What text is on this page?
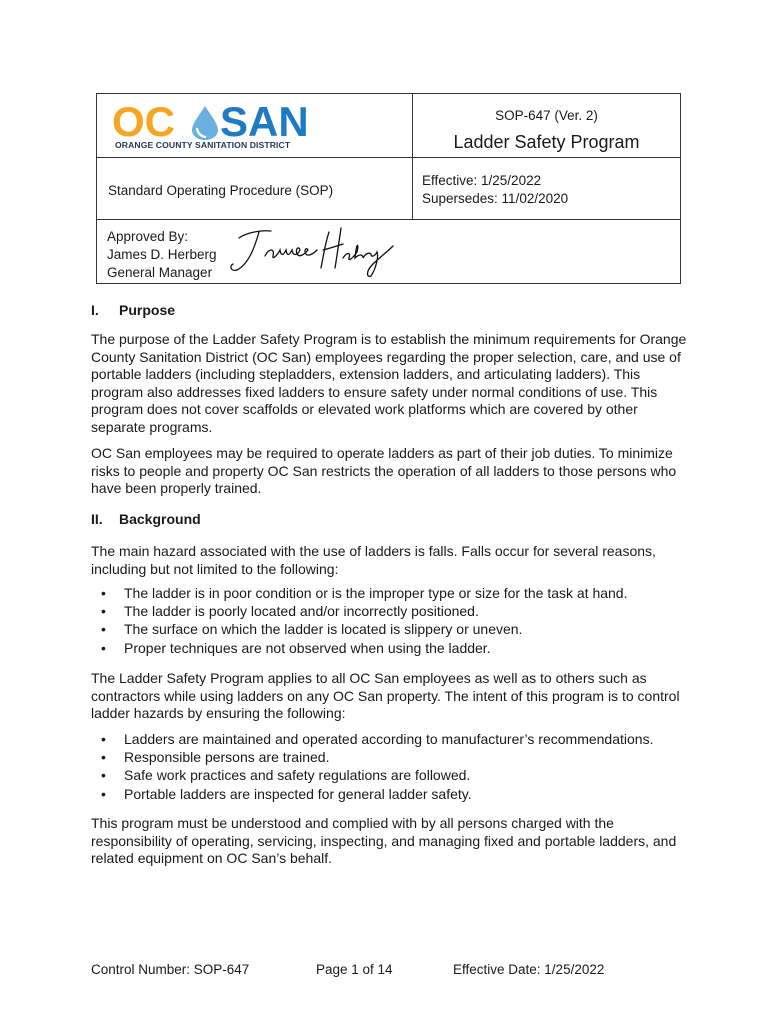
OC SAN
ORANGE COUNTY SANITATION DISTRICT
SOP-647 (Ver. 2)
Ladder Safety Program
Standard Operating Procedure (SOP)
Effective: 1/25/2022
Supersedes: 11/02/2020
Approved By:
James D. Herberg
General Manager
I. Purpose
The purpose of the Ladder Safety Program is to establish the minimum requirements for Orange
County Sanitation District (OC San) employees regarding the proper selection, care, and use of
portable ladders (including stepladders, extension ladders, and articulating ladders). This
program also addresses fixed ladders to ensure safety under normal conditions of use. This
program does not cover scaffolds or elevated work platforms which are covered by other
separate programs.
OC San employees may be required to operate ladders as part of their job duties. To minimize
risks to people and property OC San restricts the operation of all ladders to those persons who
have been properly trained.
II. Background
The main hazard associated with the use of ladders is falls. Falls occur for several reasons,
including but not limited to the following:
• The ladder is in poor condition or is the improper type or size for the task at hand.
• The ladder is poorly located and/or incorrectly positioned.
• The surface on which the ladder is located is slippery or uneven.
• Proper techniques are not observed when using the ladder.
The Ladder Safety Program applies to all OC San employees as well as to others such as
contractors while using ladders on any OC San property. The intent of this program is to control
ladder hazards by ensuring the following:
• Ladders are maintained and operated according to manufacturer’s recommendations.
• Responsible persons are trained.
• Safe work practices and safety regulations are followed.
• Portable ladders are inspected for general ladder safety.
This program must be understood and complied with by all persons charged with the
responsibility of operating, servicing, inspecting, and managing fixed and portable ladders, and
related equipment on OC San’s behalf.
Control Number: SOP-647	Page 1 of 14	Effective Date: 1/25/2022
